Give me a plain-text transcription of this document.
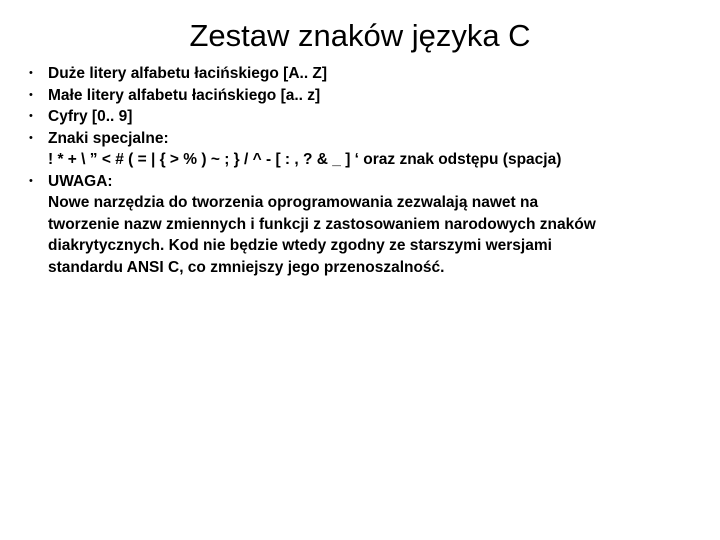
Zestaw znaków języka C
• Duże litery alfabetu łacińskiego [A.. Z]
• Małe litery alfabetu łacińskiego [a.. z]
• Cyfry [0.. 9]
• Znaki specjalne:
! * + \ ” < # ( = | { > % ) ~ ; } / ^ - [ : , ? & _ ] ‘ oraz znak odstępu (spacja)
• UWAGA:
Nowe narzędzia do tworzenia oprogramowania zezwalają nawet na
tworzenie nazw zmiennych i funkcji z zastosowaniem narodowych znaków
diakrytycznych. Kod nie będzie wtedy zgodny ze starszymi wersjami
standardu ANSI C, co zmniejszy jego przenoszalność.
